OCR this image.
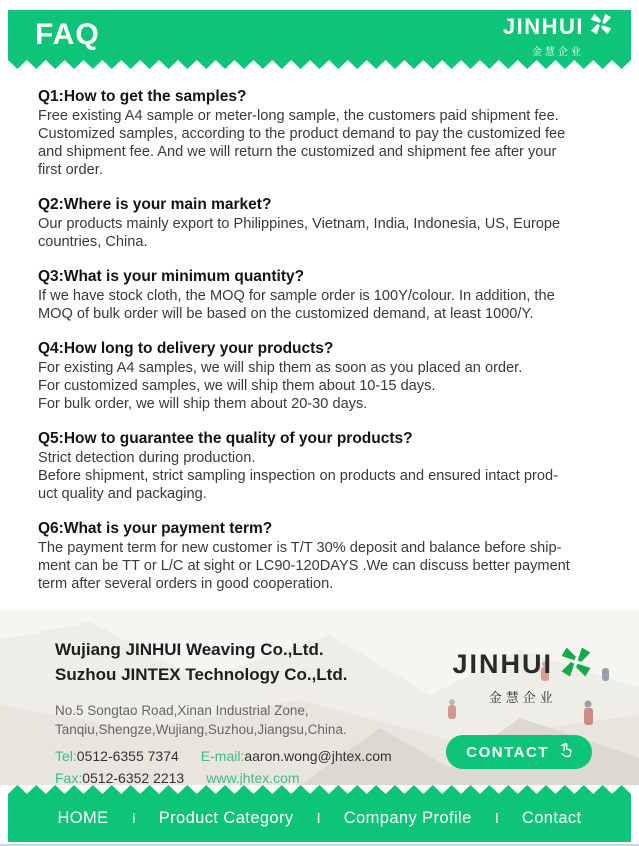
FAQ	JINHUI
金慧企业
Q1:How to get the samples?
Free existing A4 sample or meter-long sample, the customers paid shipment fee.
Customized samples, according to the product demand to pay the customized fee
and shipment fee. And we will return the customized and shipment fee after your
first order.
Q2:Where is your main market?
Our products mainly export to Philippines, Vietnam, India, Indonesia, US, Europe
countries, China.
Q3:What is your minimum quantity?
If we have stock cloth, the MOQ for sample order is 100Y/colour. In addition, the
MOQ of bulk order will be based on the customized demand, at least 1000/Y.
Q4:How long to delivery your products?
For existing A4 samples, we will ship them as soon as you placed an order.
For customized samples, we will ship them about 10-15 days.
For bulk order, we will ship them about 20-30 days.
Q5:How to guarantee the quality of your products?
Strict detection during production.
Before shipment, strict sampling inspection on products and ensured intact prod-
uct quality and packaging.
Q6:What is your payment term?
The payment term for new customer is T/T 30% deposit and balance before ship-
ment can be TT or L/C at sight or LC90-120DAYS .We can discuss better payment
term after several orders in good cooperation.
Wujiang JINHUI Weaving Co.,Ltd.
Suzhou JINTEX Technology Co.,Ltd.
No.5 Songtao Road,Xinan Industrial Zone,
Tanqiu,Shengze,Wujiang,Suzhou,Jiangsu,China.
Tel:0512-6355 7374 E-mail:aaron.wong@jhtex.com
Fax:0512-6352 2213 www.jhtex.com
JINHUI
金慧企业
CONTACT
HOME I Product Category I Company Profile I Contact
